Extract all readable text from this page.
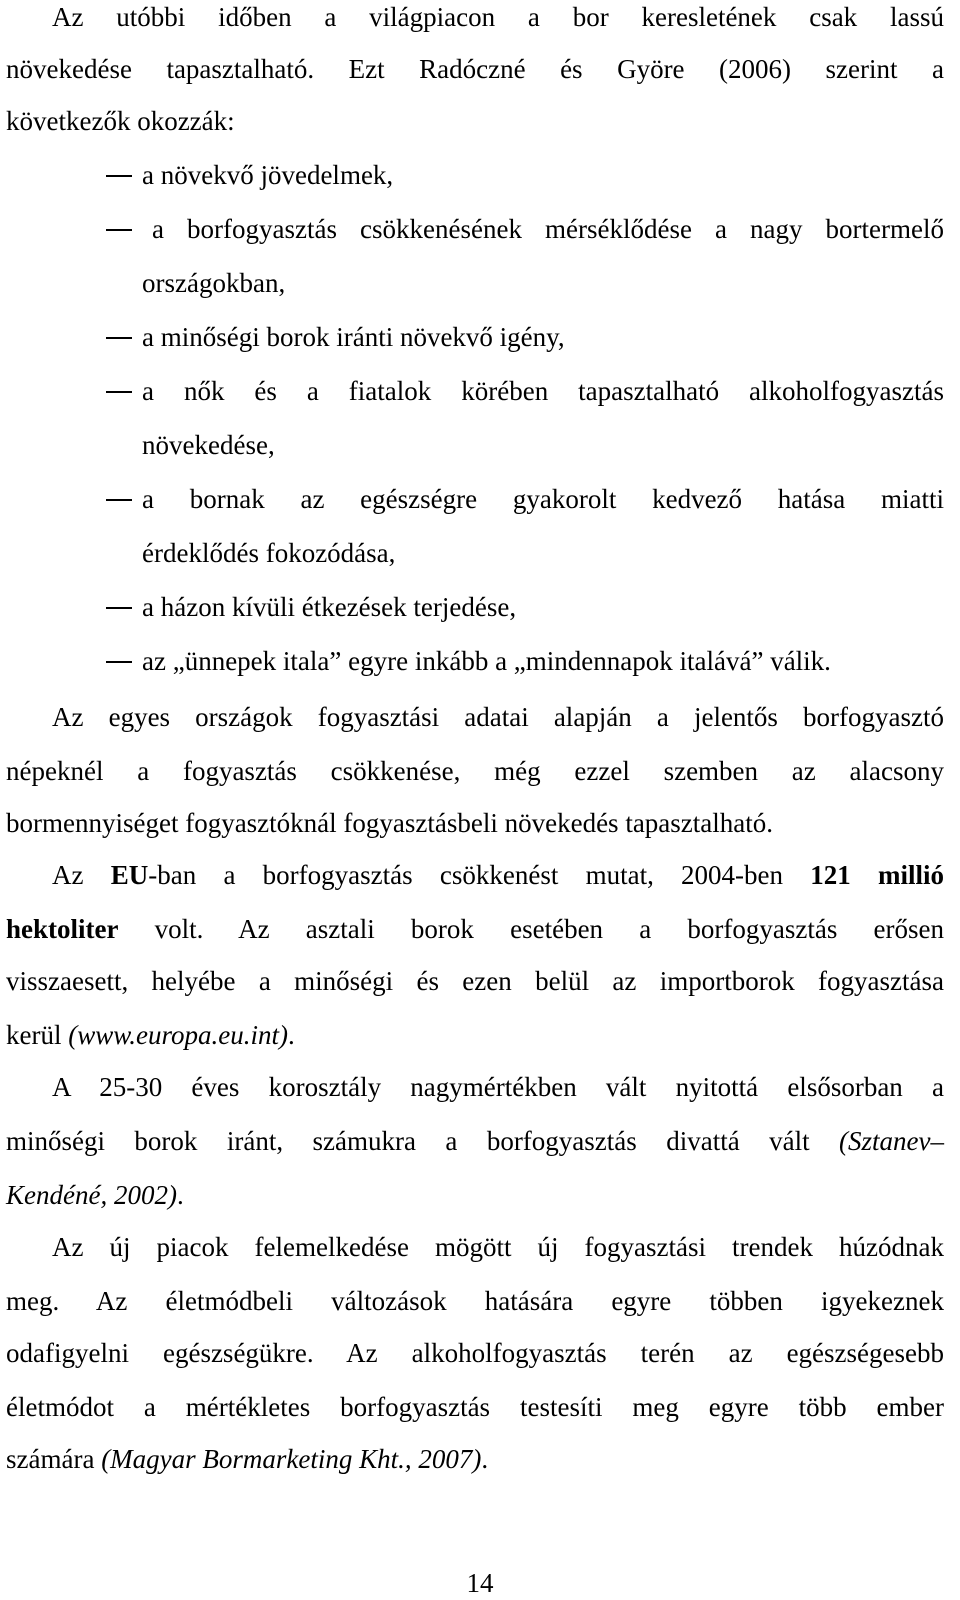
Az utóbbi időben a világpiacon a bor keresletének csak lassú
növekedése tapasztalható. Ezt Radóczné és Györe (2006) szerint a
következők okozzák:
a növekvő jövedelmek,
a borfogyasztás csökkenésének mérséklődése a nagy bortermelő
országokban,
a minőségi borok iránti növekvő igény,
a nők és a fiatalok körében tapasztalható alkoholfogyasztás
növekedése,
a bornak az egészségre gyakorolt kedvező hatása miatti
érdeklődés fokozódása,
a házon kívüli étkezések terjedése,
az „ünnepek itala” egyre inkább a „mindennapok italává” válik.
Az egyes országok fogyasztási adatai alapján a jelentős borfogyasztó
népeknél a fogyasztás csökkenése, még ezzel szemben az alacsony
bormennyiséget fogyasztóknál fogyasztásbeli növekedés tapasztalható.
Az EU-ban a borfogyasztás csökkenést mutat, 2004-ben 121 millió
hektoliter volt. Az asztali borok esetében a borfogyasztás erősen
visszaesett, helyébe a minőségi és ezen belül az importborok fogyasztása
kerül (www.europa.eu.int).
A 25-30 éves korosztály nagymértékben vált nyitottá elsősorban a
minőségi borok iránt, számukra a borfogyasztás divattá vált (Sztanev–
Kendéné, 2002).
Az új piacok felemelkedése mögött új fogyasztási trendek húzódnak
meg. Az életmódbeli változások hatására egyre többen igyekeznek
odafigyelni egészségükre. Az alkoholfogyasztás terén az egészségesebb
életmódot a mértékletes borfogyasztás testesíti meg egyre több ember
számára (Magyar Bormarketing Kht., 2007).
14
